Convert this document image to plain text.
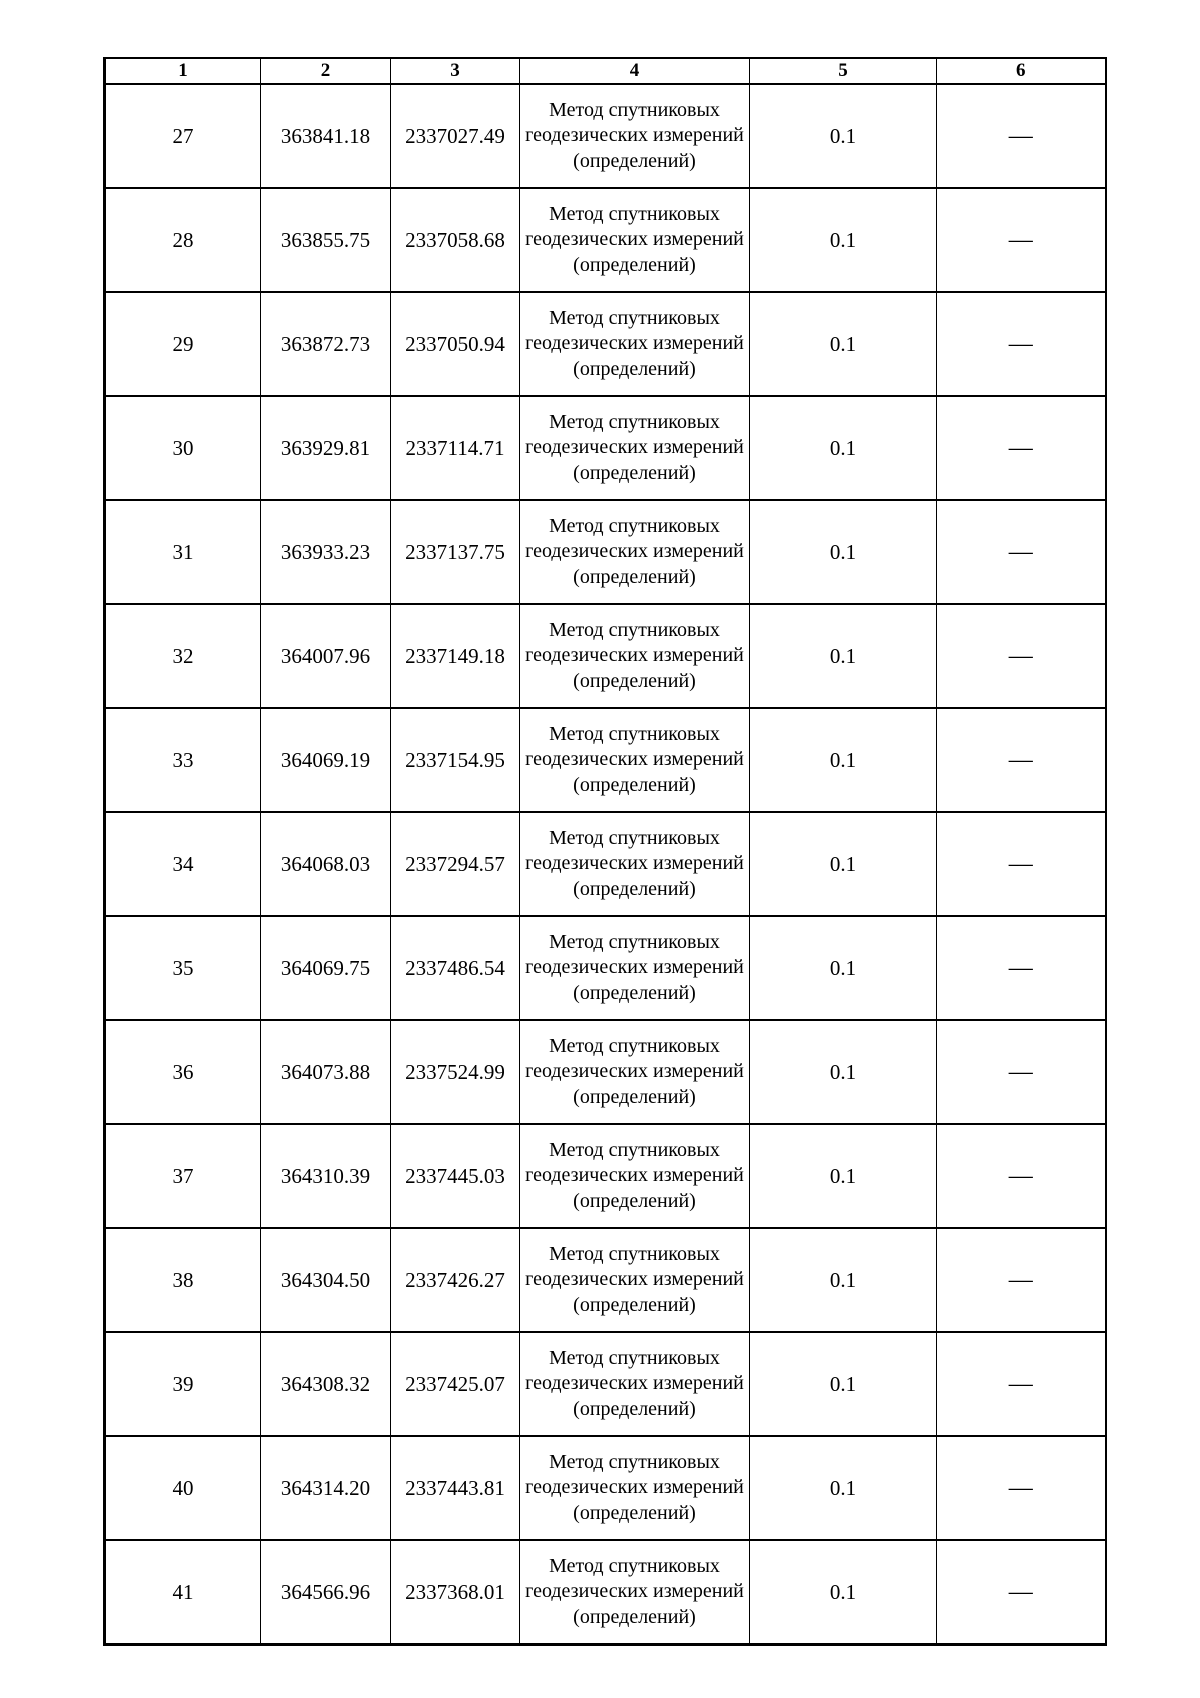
1	2	3	4	5	6
27	363841.18	2337027.49	Метод спутниковых геодезических измерений (определений)	0.1	—
28	363855.75	2337058.68	Метод спутниковых геодезических измерений (определений)	0.1	—
29	363872.73	2337050.94	Метод спутниковых геодезических измерений (определений)	0.1	—
30	363929.81	2337114.71	Метод спутниковых геодезических измерений (определений)	0.1	—
31	363933.23	2337137.75	Метод спутниковых геодезических измерений (определений)	0.1	—
32	364007.96	2337149.18	Метод спутниковых геодезических измерений (определений)	0.1	—
33	364069.19	2337154.95	Метод спутниковых геодезических измерений (определений)	0.1	—
34	364068.03	2337294.57	Метод спутниковых геодезических измерений (определений)	0.1	—
35	364069.75	2337486.54	Метод спутниковых геодезических измерений (определений)	0.1	—
36	364073.88	2337524.99	Метод спутниковых геодезических измерений (определений)	0.1	—
37	364310.39	2337445.03	Метод спутниковых геодезических измерений (определений)	0.1	—
38	364304.50	2337426.27	Метод спутниковых геодезических измерений (определений)	0.1	—
39	364308.32	2337425.07	Метод спутниковых геодезических измерений (определений)	0.1	—
40	364314.20	2337443.81	Метод спутниковых геодезических измерений (определений)	0.1	—
41	364566.96	2337368.01	Метод спутниковых геодезических измерений (определений)	0.1	—
